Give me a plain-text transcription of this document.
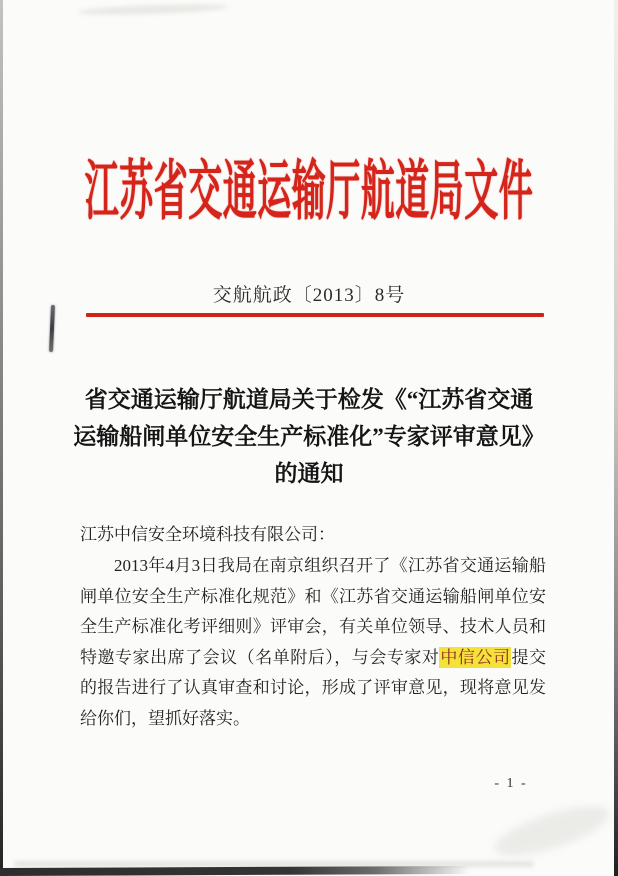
江苏省交通运输厅航道局文件
交航航政〔2013〕8号
省交通运输厅航道局关于检发《“江苏省交通
运输船闸单位安全生产标准化”专家评审意见》
的通知
江苏中信安全环境科技有限公司：
2013年4月3日我局在南京组织召开了《江苏省交通运输船闸单位安全生产标准化规范》和《江苏省交通运输船闸单位安全生产标准化考评细则》评审会，有关单位领导、技术人员和特邀专家出席了会议（名单附后），与会专家对中信公司提交的报告进行了认真审查和讨论，形成了评审意见，现将意见发给你们，望抓好落实。
- 1 -
